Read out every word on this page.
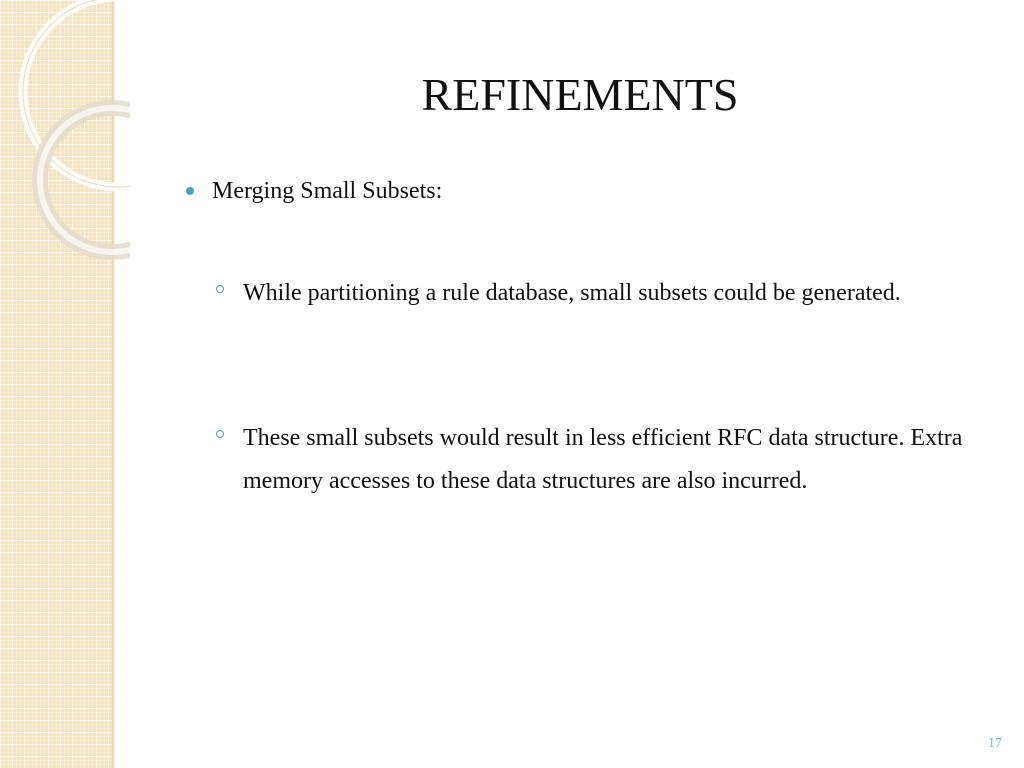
REFINEMENTS
Merging Small Subsets:
While partitioning a rule database, small subsets could be generated.
These small subsets would result in less efficient RFC data structure. Extra memory accesses to these data structures are also incurred.
17
